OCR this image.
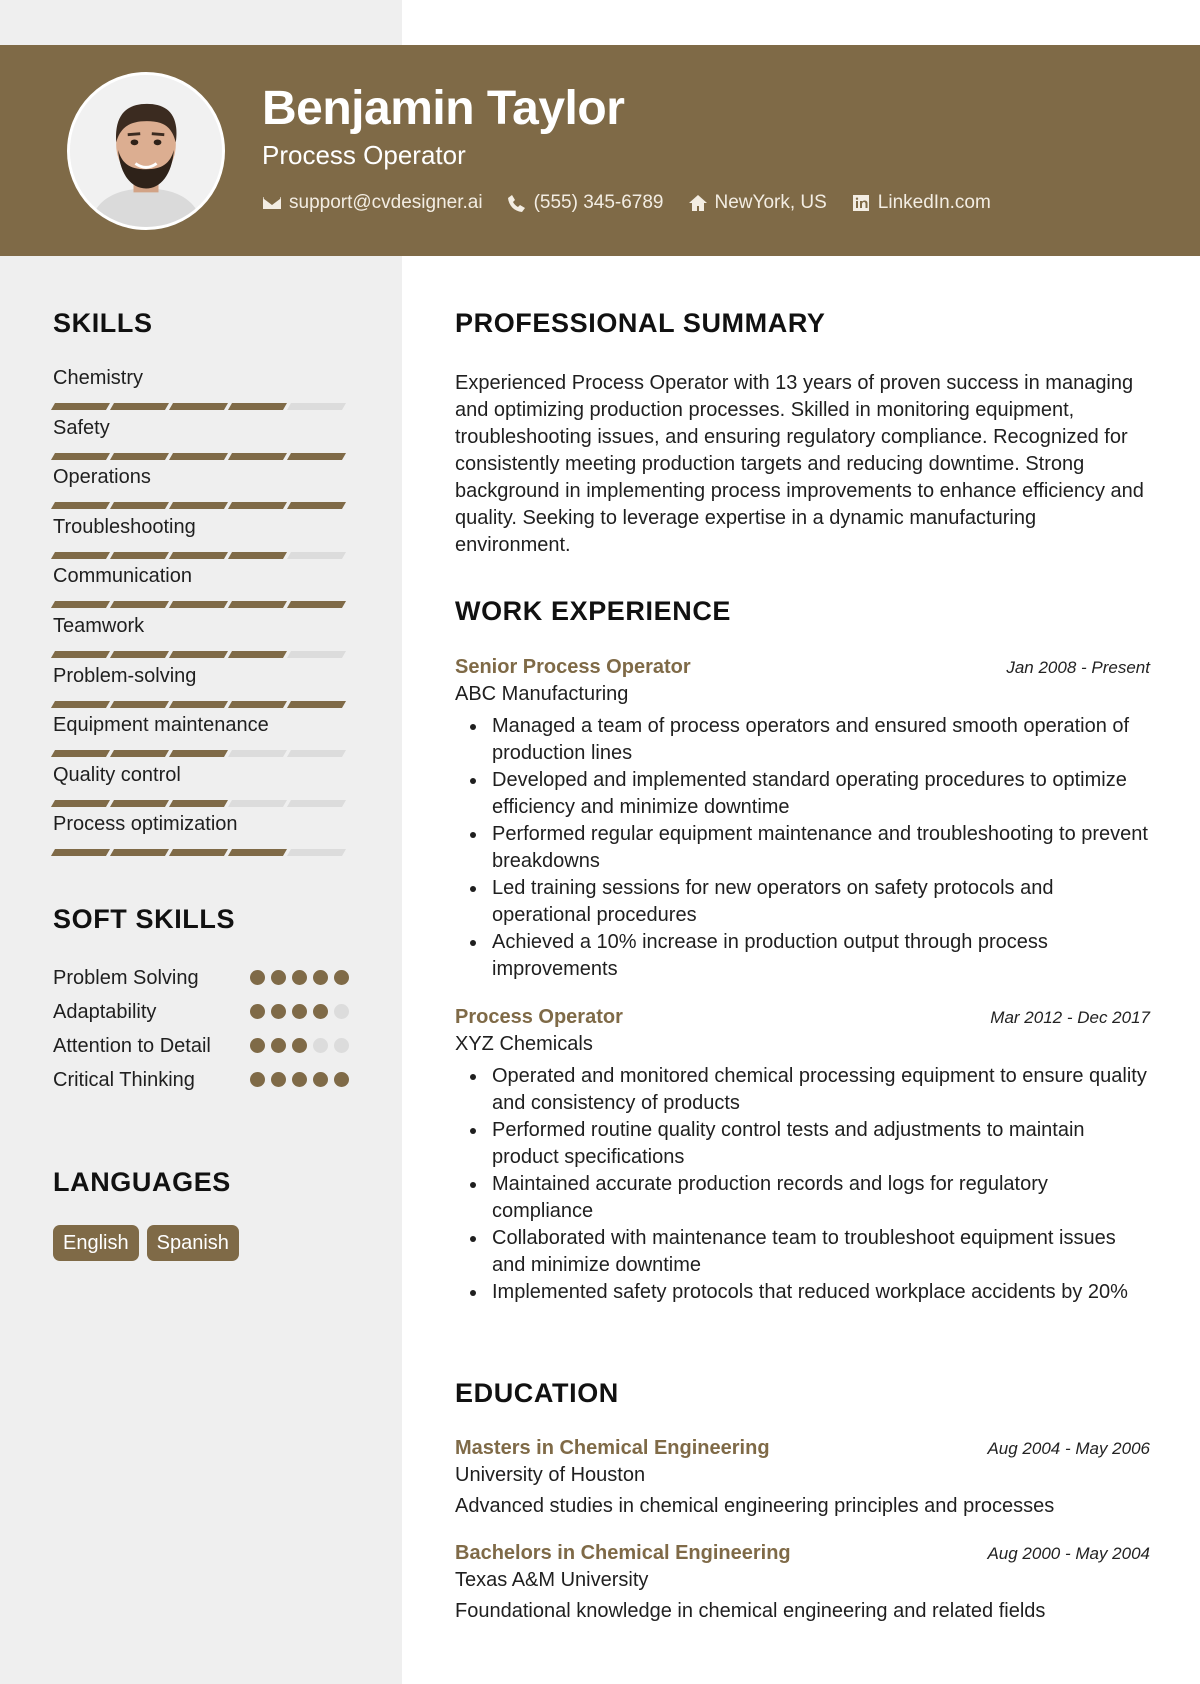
Benjamin Taylor
Process Operator
support@cvdesigner.ai	(555) 345-6789	NewYork, US	LinkedIn.com
SKILLS
Chemistry
Safety
Operations
Troubleshooting
Communication
Teamwork
Problem-solving
Equipment maintenance
Quality control
Process optimization
SOFT SKILLS
Problem Solving
Adaptability
Attention to Detail
Critical Thinking
LANGUAGES
English	Spanish
PROFESSIONAL SUMMARY
Experienced Process Operator with 13 years of proven success in managing and optimizing production processes. Skilled in monitoring equipment, troubleshooting issues, and ensuring regulatory compliance. Recognized for consistently meeting production targets and reducing downtime. Strong background in implementing process improvements to enhance efficiency and quality. Seeking to leverage expertise in a dynamic manufacturing environment.
WORK EXPERIENCE
Senior Process Operator	Jan 2008 - Present
ABC Manufacturing
Managed a team of process operators and ensured smooth operation of production lines
Developed and implemented standard operating procedures to optimize efficiency and minimize downtime
Performed regular equipment maintenance and troubleshooting to prevent breakdowns
Led training sessions for new operators on safety protocols and operational procedures
Achieved a 10% increase in production output through process improvements
Process Operator	Mar 2012 - Dec 2017
XYZ Chemicals
Operated and monitored chemical processing equipment to ensure quality and consistency of products
Performed routine quality control tests and adjustments to maintain product specifications
Maintained accurate production records and logs for regulatory compliance
Collaborated with maintenance team to troubleshoot equipment issues and minimize downtime
Implemented safety protocols that reduced workplace accidents by 20%
EDUCATION
Masters in Chemical Engineering	Aug 2004 - May 2006
University of Houston
Advanced studies in chemical engineering principles and processes
Bachelors in Chemical Engineering	Aug 2000 - May 2004
Texas A&M University
Foundational knowledge in chemical engineering and related fields
